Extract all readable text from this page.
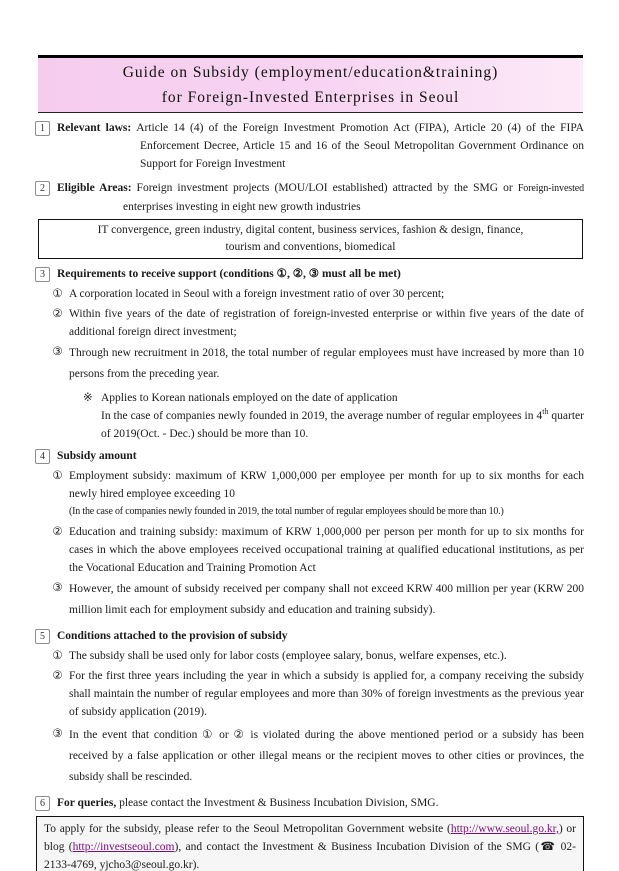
Guide on Subsidy (employment/education&training)
for Foreign-Invested Enterprises in Seoul
1	Relevant laws: Article 14 (4) of the Foreign Investment Promotion Act (FIPA), Article 20 (4) of the FIPA Enforcement Decree, Article 15 and 16 of the Seoul Metropolitan Government Ordinance on Support for Foreign Investment
2	Eligible Areas: Foreign investment projects (MOU/LOI established) attracted by the SMG or Foreign-invested enterprises investing in eight new growth industries
IT convergence, green industry, digital content, business services, fashion & design, finance,
tourism and conventions, biomedical
3	Requirements to receive support (conditions ①, ②, ③ must all be met)
① A corporation located in Seoul with a foreign investment ratio of over 30 percent;
② Within five years of the date of registration of foreign-invested enterprise or within five years of the date of additional foreign direct investment;
③ Through new recruitment in 2018, the total number of regular employees must have increased by more than 10 persons from the preceding year.
※ Applies to Korean nationals employed on the date of application
In the case of companies newly founded in 2019, the average number of regular employees in 4th quarter of 2019(Oct. - Dec.) should be more than 10.
4	Subsidy amount
① Employment subsidy: maximum of KRW 1,000,000 per employee per month for up to six months for each newly hired employee exceeding 10
(In the case of companies newly founded in 2019, the total number of regular employees should be more than 10.)
② Education and training subsidy: maximum of KRW 1,000,000 per person per month for up to six months for cases in which the above employees received occupational training at qualified educational institutions, as per the Vocational Education and Training Promotion Act
③ However, the amount of subsidy received per company shall not exceed KRW 400 million per year (KRW 200 million limit each for employment subsidy and education and training subsidy).
5	Conditions attached to the provision of subsidy
① The subsidy shall be used only for labor costs (employee salary, bonus, welfare expenses, etc.).
② For the first three years including the year in which a subsidy is applied for, a company receiving the subsidy shall maintain the number of regular employees and more than 30% of foreign investments as the previous year of subsidy application (2019).
③ In the event that condition ① or ② is violated during the above mentioned period or a subsidy has been received by a false application or other illegal means or the recipient moves to other cities or provinces, the subsidy shall be rescinded.
6	For queries, please contact the Investment & Business Incubation Division, SMG.
To apply for the subsidy, please refer to the Seoul Metropolitan Government website (http://www.seoul.go.kr,) or blog (http://investseoul.com), and contact the Investment & Business Incubation Division of the SMG (☎ 02-2133-4769, yjcho3@seoul.go.kr).
